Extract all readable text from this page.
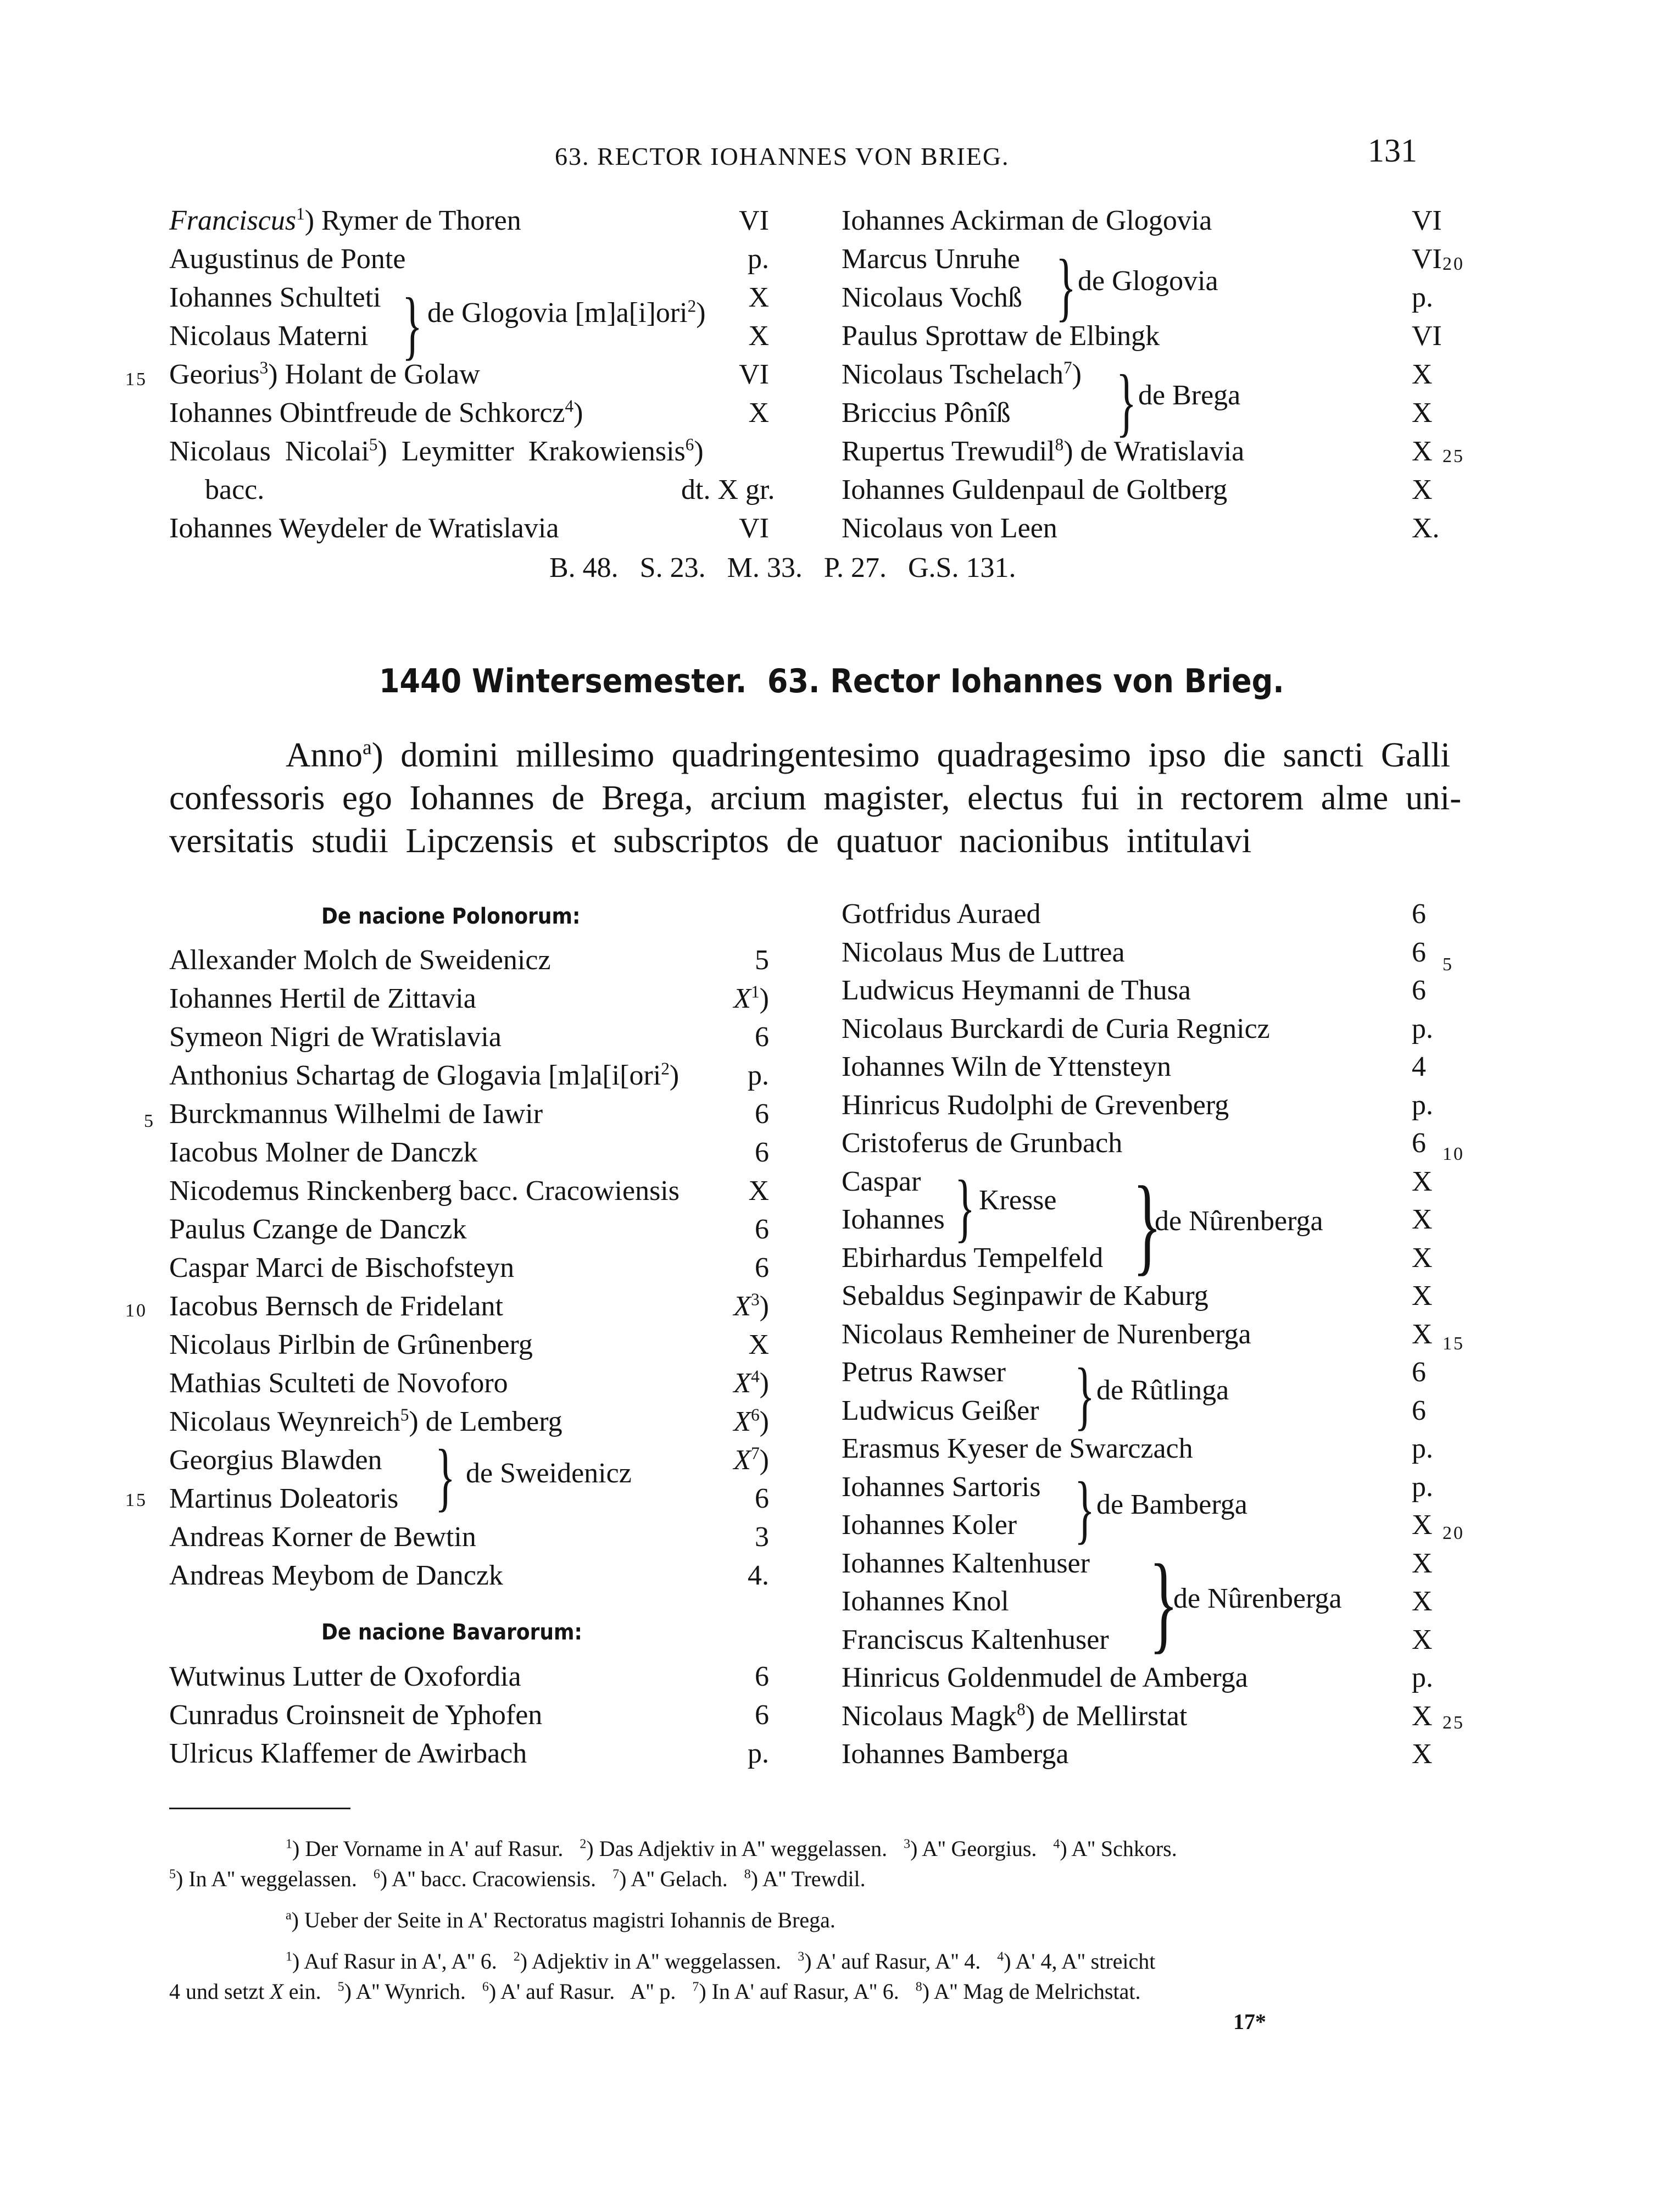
63. RECTOR IOHANNES VON BRIEG.	131
Franciscus$^1$) Rymer de Thoren	VI
Augustinus de Ponte	p.
Iohannes Schulteti	X
Nicolaus Materni	X
Georius$^3$) Holant de Golaw	VI
Iohannes Obintfreude de Schkorcz$^4$)	X
Nicolaus  Nicolai$^5$)  Leymitter  Krakowiensis$^6$)
bacc.	dt. X gr.
Iohannes Weydeler de Wratislavia	VI
Iohannes Ackirman de Glogovia	VI
Marcus Unruhe	VI
Nicolaus Vochß	p.
Paulus Sprottaw de Elbingk	VI
Nicolaus Tschelach$^7$)	X
Briccius Pônîß	X
Rupertus Trewudil$^8$) de Wratislavia	X
Iohannes Guldenpaul de Goltberg	X
Nicolaus von Leen	X.
} de Glogovia [m]a[i]ori$^2$)	} de Glogovia
} de Brega
B. 48.   S. 23.   M. 33.   P. 27.   G.S. 131.
1440 Wintersemester.  63. Rector Iohannes von Brieg.
Anno$^a$)  domini  millesimo  quadringentesimo  quadragesimo  ipso  die  sancti  Galli
confessoris  ego  Iohannes  de  Brega,  arcium  magister,  electus  fui  in  rectorem  alme  uni-
versitatis  studii  Lipczensis  et  subscriptos  de  quatuor  nacionibus  intitulavi
De nacione Polonorum:
Allexander Molch de Sweidenicz	5
Iohannes Hertil de Zittavia	$X^1$)
Symeon Nigri de Wratislavia	6
Anthonius Schartag de Glogavia [m]a[i[ori$^2$)	p.
Burckmannus Wilhelmi de Iawir	6
Iacobus Molner de Danczk	6
Nicodemus Rinckenberg bacc. Cracowiensis	X
Paulus Czange de Danczk	6
Caspar Marci de Bischofsteyn	6
Iacobus Bernsch de Fridelant	$X^3$)
Nicolaus Pirlbin de Grûnenberg	X
Mathias Sculteti de Novoforo	$X^4$)
Nicolaus Weynreich$^5$) de Lemberg	$X^6$)
Georgius Blawden	$X^7$)
Martinus Doleatoris	6
Andreas Korner de Bewtin	3
Andreas Meybom de Danczk	4.
} de Sweidenicz
De nacione Bavarorum:
Wutwinus Lutter de Oxofordia	6
Cunradus Croinsneit de Yphofen	6
Ulricus Klaffemer de Awirbach	p.
Gotfridus Auraed	6
Nicolaus Mus de Luttrea	6
Ludwicus Heymanni de Thusa	6
Nicolaus Burckardi de Curia Regnicz	p.
Iohannes Wiln de Yttensteyn	4
Hinricus Rudolphi de Grevenberg	p.
Cristoferus de Grunbach	6
Caspar	X
Iohannes	X
Ebirhardus Tempelfeld	X
Sebaldus Seginpawir de Kaburg	X
Nicolaus Remheiner de Nurenberga	X
Petrus Rawser	6
Ludwicus Geißer	6
Erasmus Kyeser de Swarczach	p.
Iohannes Sartoris	p.
Iohannes Koler	X
Iohannes Kaltenhuser	X
Iohannes Knol	X
Franciscus Kaltenhuser	X
Hinricus Goldenmudel de Amberga	p.
Nicolaus Magk$^8$) de Mellirstat	X
Iohannes Bamberga	X
} Kresse }
de Nûrenberga
} de Rûtlinga
} de Bamberga
}
de Nûrenberga
15
20
25
5
10
15
5
10
15
20
25
$^1$) Der Vorname in A' auf Rasur.   $^2$) Das Adjektiv in A'' weggelassen.   $^3$) A'' Georgius.   $^4$) A'' Schkors.
$^5$) In A'' weggelassen.   $^6$) A'' bacc. Cracowiensis.   $^7$) A'' Gelach.   $^8$) A'' Trewdil.
$^a$) Ueber der Seite in A' Rectoratus magistri Iohannis de Brega.
$^1$) Auf Rasur in A', A'' 6.   $^2$) Adjektiv in A'' weggelassen.   $^3$) A' auf Rasur, A'' 4.   $^4$) A' 4, A'' streicht
4 und setzt X ein.   $^5$) A'' Wynrich.   $^6$) A' auf Rasur.   A'' p.   $^7$) In A' auf Rasur, A'' 6.   $^8$) A'' Mag de Melrichstat.
17*
